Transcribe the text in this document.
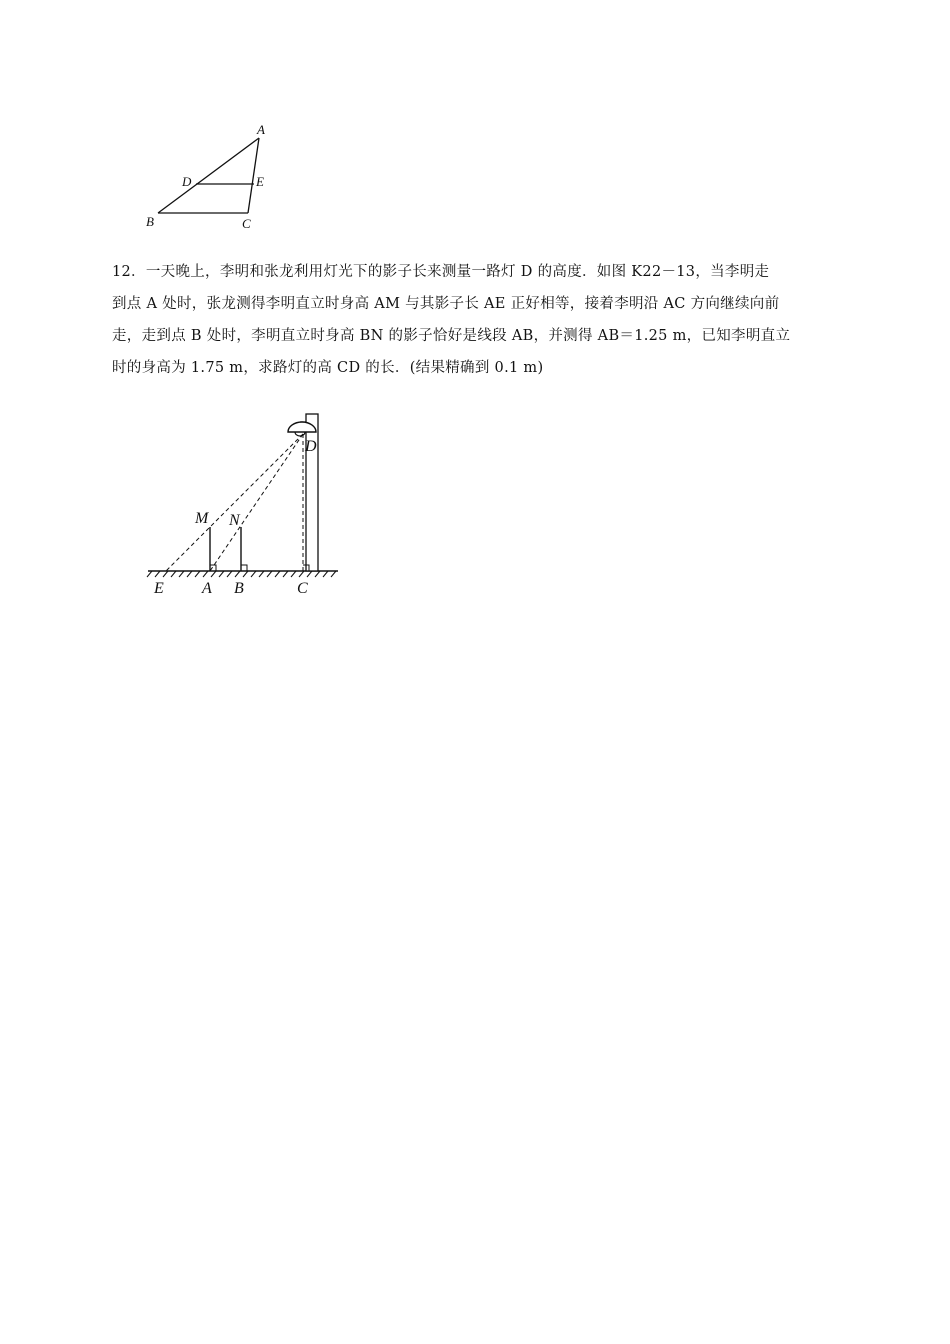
A
D	E
B	C
12．一天晚上，李明和张龙利用灯光下的影子长来测量一路灯 D 的高度．如图 K22－13，当李明走
到点 A 处时，张龙测得李明直立时身高 AM 与其影子长 AE 正好相等，接着李明沿 AC 方向继续向前
走，走到点 B 处时，李明直立时身高 BN 的影子恰好是线段 AB，并测得 AB＝1.25 m，已知李明直立
时的身高为 1.75 m，求路灯的高 CD 的长．(结果精确到 0.1 m)
M N
D
E A B	C
